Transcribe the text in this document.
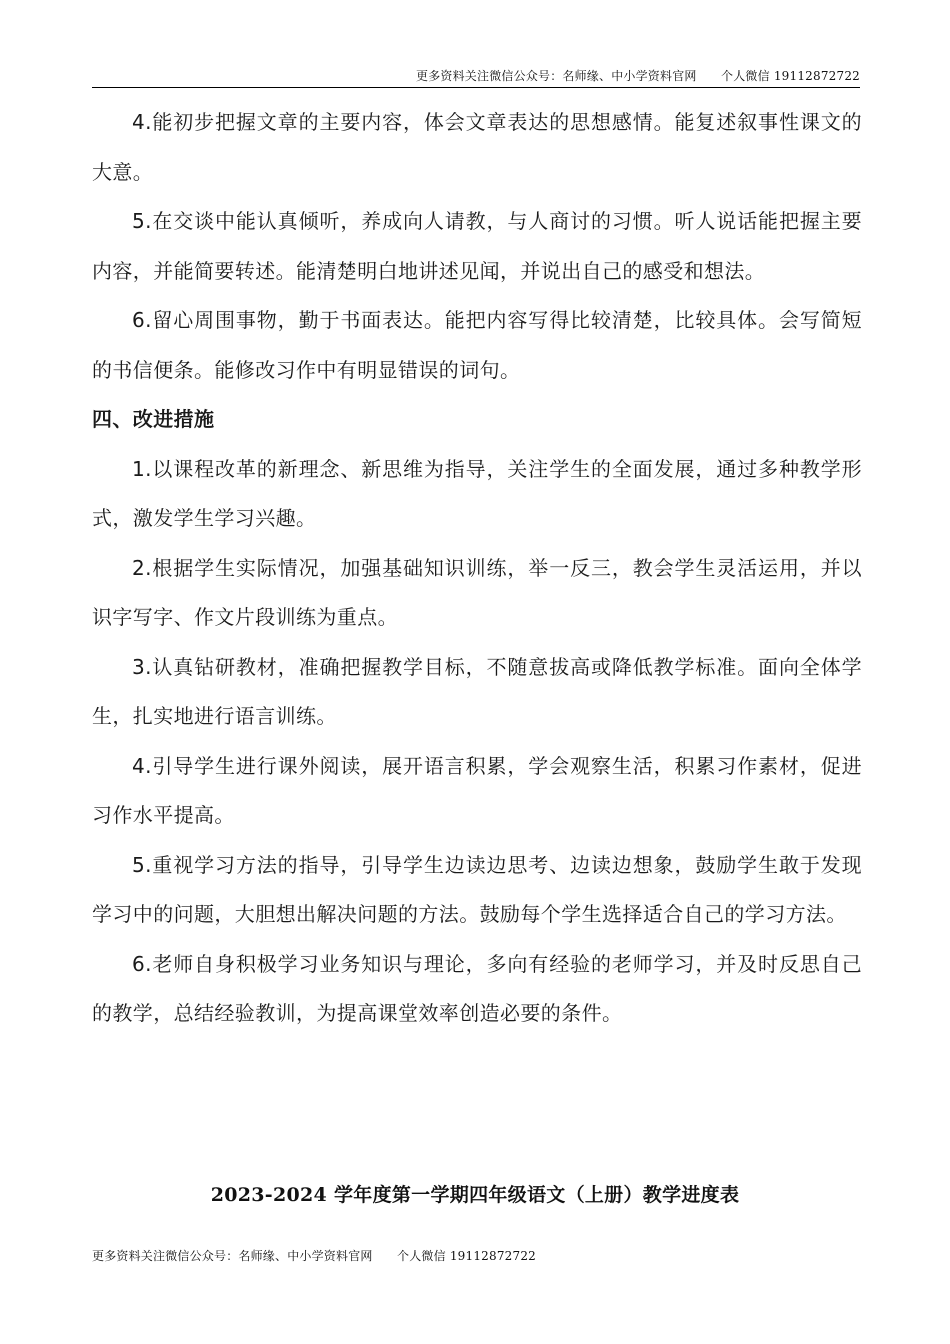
更多资料关注微信公众号：名师缘、中小学资料官网　　个人微信 19112872722

4.能初步把握文章的主要内容，体会文章表达的思想感情。能复述叙事性课文的大意。

5.在交谈中能认真倾听，养成向人请教，与人商讨的习惯。听人说话能把握主要内容，并能简要转述。能清楚明白地讲述见闻，并说出自己的感受和想法。

6.留心周围事物，勤于书面表达。能把内容写得比较清楚，比较具体。会写简短的书信便条。能修改习作中有明显错误的词句。

四、改进措施

1.以课程改革的新理念、新思维为指导，关注学生的全面发展，通过多种教学形式，激发学生学习兴趣。

2.根据学生实际情况，加强基础知识训练，举一反三，教会学生灵活运用，并以识字写字、作文片段训练为重点。

3.认真钻研教材，准确把握教学目标，不随意拔高或降低教学标准。面向全体学生，扎实地进行语言训练。

4.引导学生进行课外阅读，展开语言积累，学会观察生活，积累习作素材，促进习作水平提高。

5.重视学习方法的指导，引导学生边读边思考、边读边想象，鼓励学生敢于发现学习中的问题，大胆想出解决问题的方法。鼓励每个学生选择适合自己的学习方法。

6.老师自身积极学习业务知识与理论，多向有经验的老师学习，并及时反思自己的教学，总结经验教训，为提高课堂效率创造必要的条件。

2023-2024 学年度第一学期四年级语文（上册）教学进度表
更多资料关注微信公众号：名师缘、中小学资料官网　　个人微信 19112872722
